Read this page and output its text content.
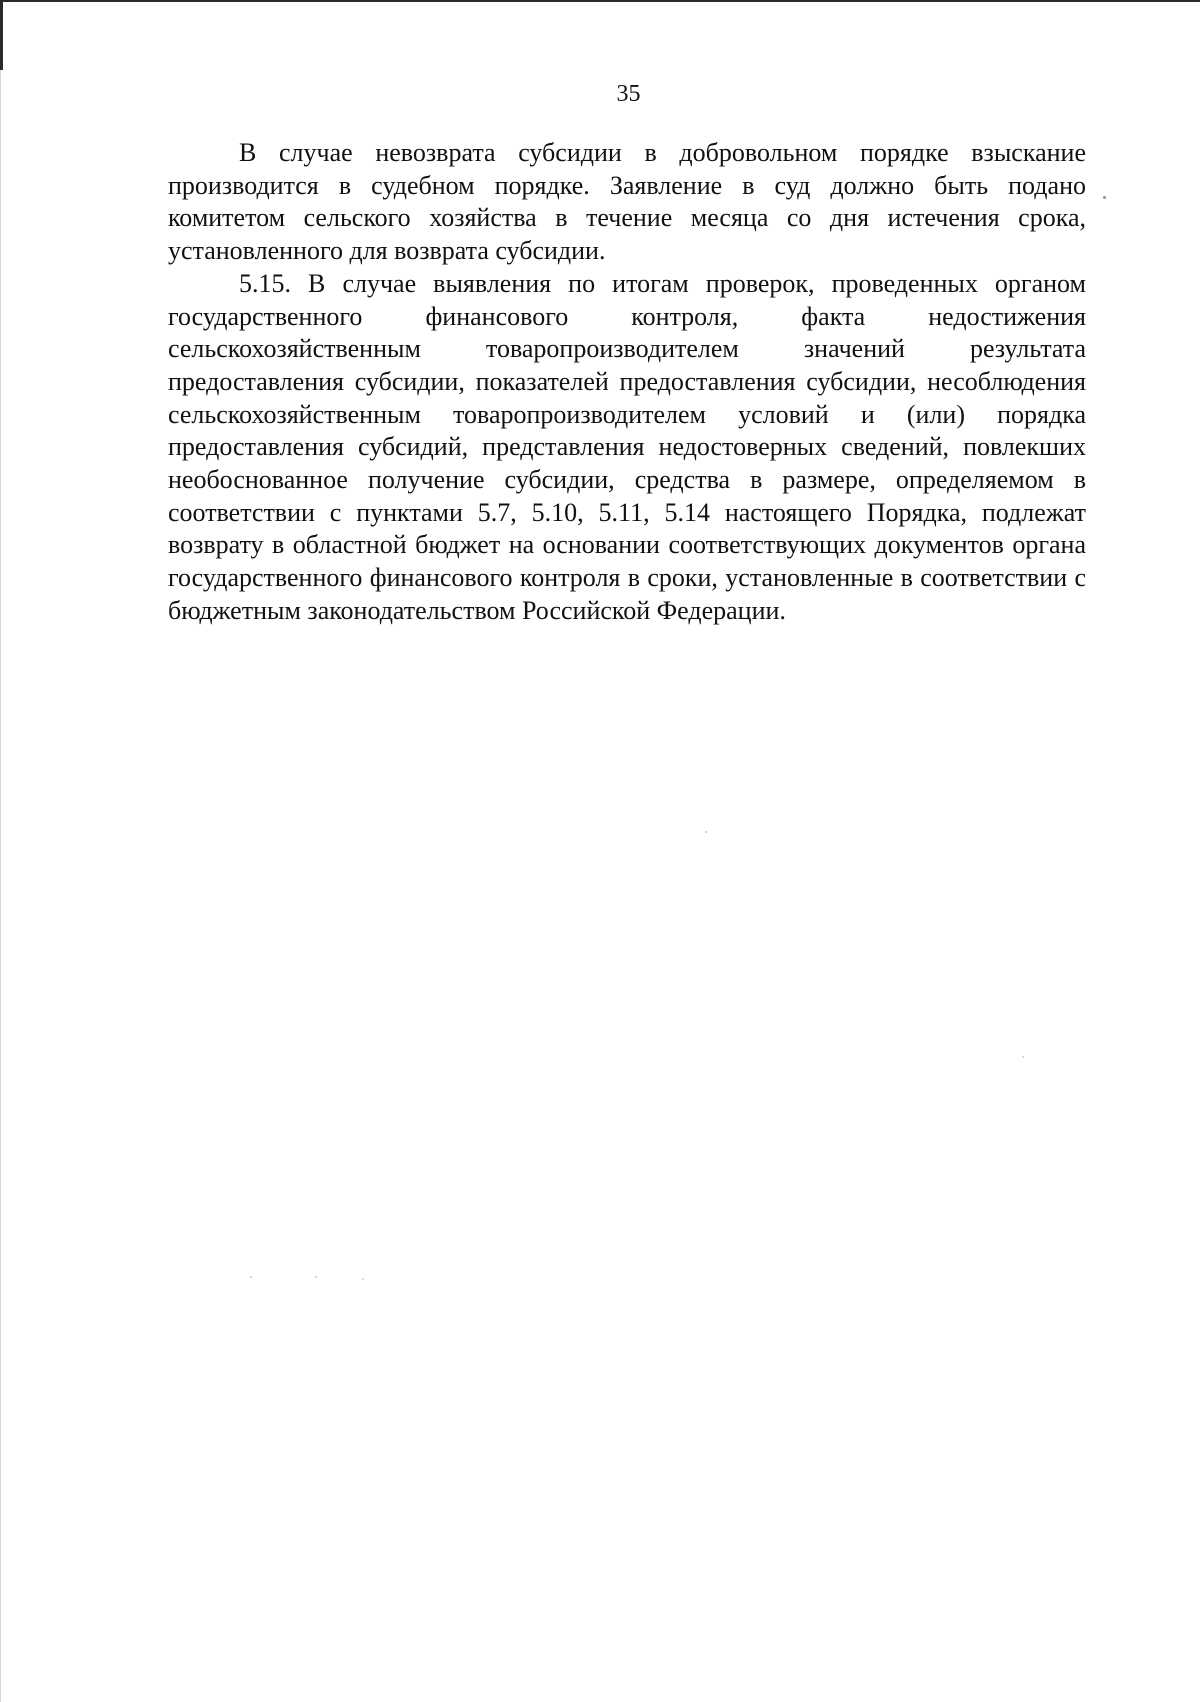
35

В случае невозврата субсидии в добровольном порядке взыскание производится в судебном порядке. Заявление в суд должно быть подано комитетом сельского хозяйства в течение месяца со дня истечения срока, установленного для возврата субсидии.

5.15. В случае выявления по итогам проверок, проведенных органом государственного финансового контроля, факта недостижения сельскохозяйственным товаропроизводителем значений результата предоставления субсидии, показателей предоставления субсидии, несоблюдения сельскохозяйственным товаропроизводителем условий и (или) порядка предоставления субсидий, представления недостоверных сведений, повлекших необоснованное получение субсидии, средства в размере, определяемом в соответствии с пунктами 5.7, 5.10, 5.11, 5.14 настоящего Порядка, подлежат возврату в областной бюджет на основании соответствующих документов органа государственного финансового контроля в сроки, установленные в соответствии с бюджетным законодательством Российской Федерации.
